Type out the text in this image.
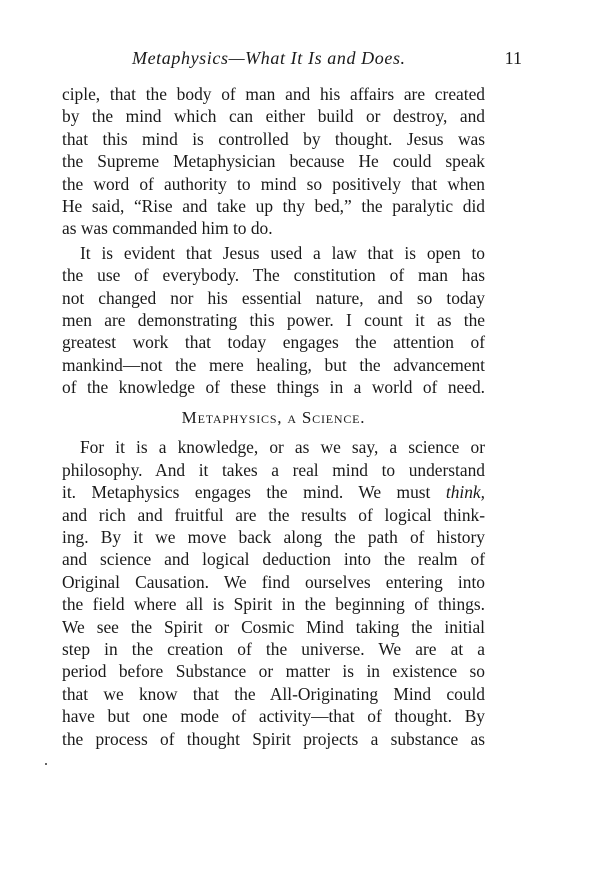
Metaphysics—What It Is and Does.	11
ciple, that the body of man and his affairs are created
by the mind which can either build or destroy, and
that this mind is controlled by thought. Jesus was
the Supreme Metaphysician because He could speak
the word of authority to mind so positively that when
He said, “Rise and take up thy bed,” the paralytic did
as was commanded him to do.
It is evident that Jesus used a law that is open to
the use of everybody. The constitution of man has
not changed nor his essential nature, and so today
men are demonstrating this power. I count it as the
greatest work that today engages the attention of
mankind—not the mere healing, but the advancement
of the knowledge of these things in a world of need.
Metaphysics, a Science.
For it is a knowledge, or as we say, a science or
philosophy. And it takes a real mind to understand
it. Metaphysics engages the mind. We must think,
and rich and fruitful are the results of logical think-
ing. By it we move back along the path of history
and science and logical deduction into the realm of
Original Causation. We find ourselves entering into
the field where all is Spirit in the beginning of things.
We see the Spirit or Cosmic Mind taking the initial
step in the creation of the universe. We are at a
period before Substance or matter is in existence so
that we know that the All-Originating Mind could
have but one mode of activity—that of thought. By
the process of thought Spirit projects a substance as
